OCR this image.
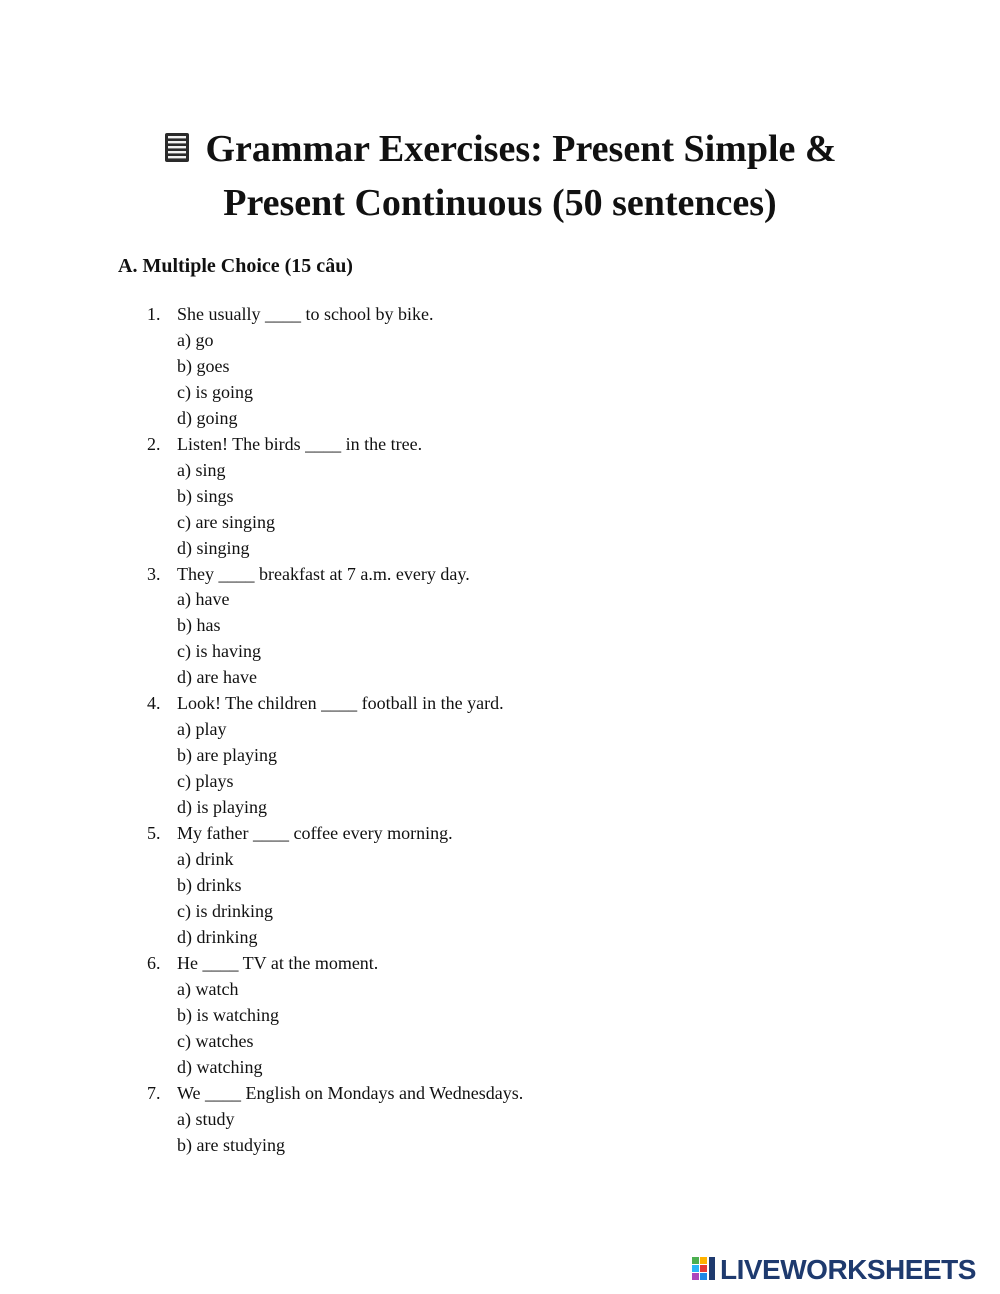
Grammar Exercises: Present Simple & Present Continuous (50 sentences)
A. Multiple Choice (15 câu)
1. She usually ____ to school by bike.
a) go
b) goes
c) is going
d) going
2. Listen! The birds ____ in the tree.
a) sing
b) sings
c) are singing
d) singing
3. They ____ breakfast at 7 a.m. every day.
a) have
b) has
c) is having
d) are have
4. Look! The children ____ football in the yard.
a) play
b) are playing
c) plays
d) is playing
5. My father ____ coffee every morning.
a) drink
b) drinks
c) is drinking
d) drinking
6. He ____ TV at the moment.
a) watch
b) is watching
c) watches
d) watching
7. We ____ English on Mondays and Wednesdays.
a) study
b) are studying
LIVEWORKSHEETS
